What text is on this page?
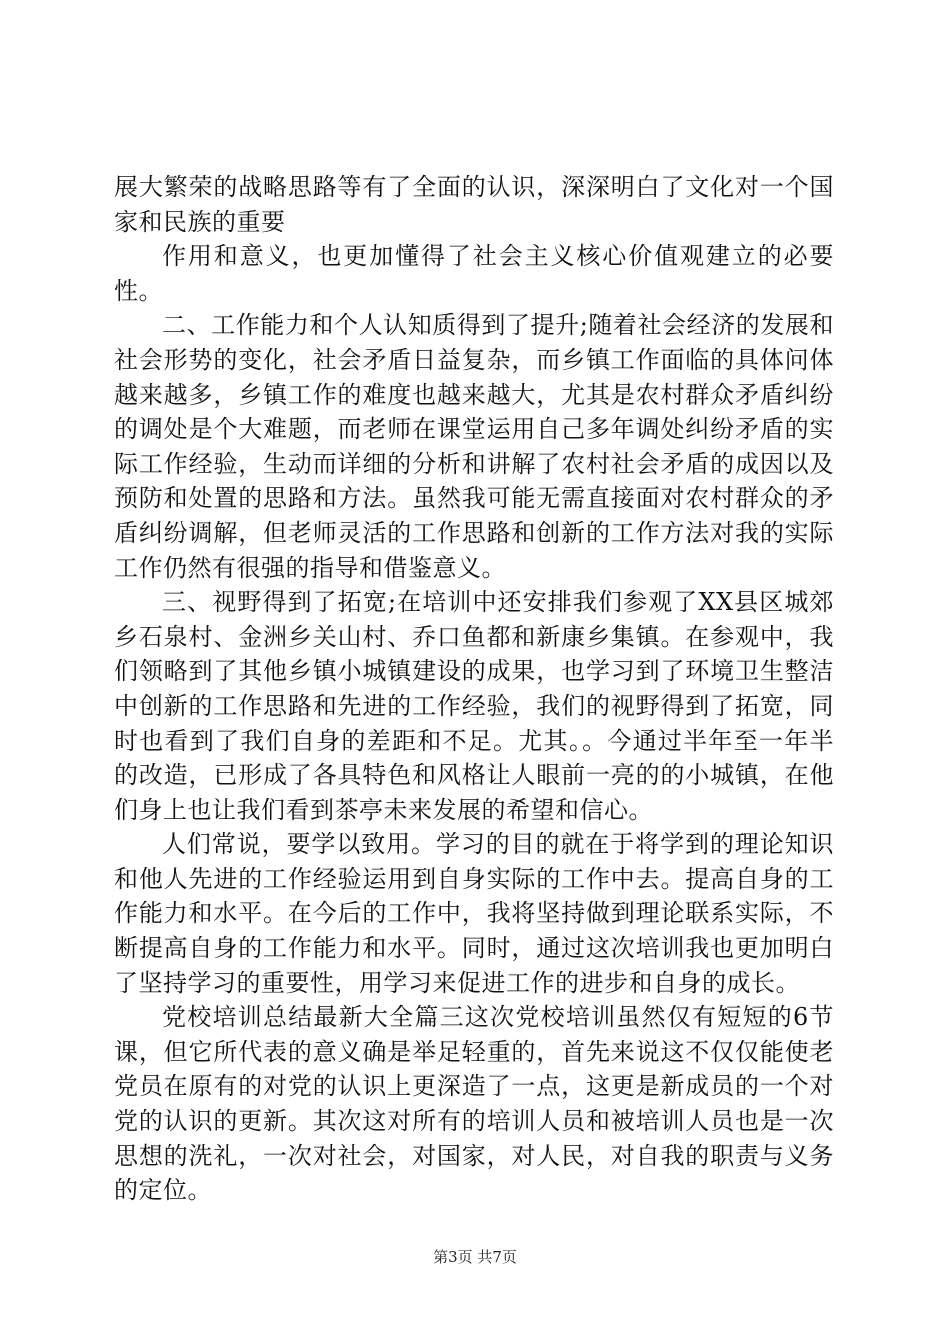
展大繁荣的战略思路等有了全面的认识，深深明白了文化对一个国家和民族的重要

作用和意义，也更加懂得了社会主义核心价值观建立的必要性。

二、工作能力和个人认知质得到了提升;随着社会经济的发展和社会形势的变化，社会矛盾日益复杂，而乡镇工作面临的具体问体越来越多，乡镇工作的难度也越来越大，尤其是农村群众矛盾纠纷的调处是个大难题，而老师在课堂运用自己多年调处纠纷矛盾的实际工作经验，生动而详细的分析和讲解了农村社会矛盾的成因以及预防和处置的思路和方法。虽然我可能无需直接面对农村群众的矛盾纠纷调解，但老师灵活的工作思路和创新的工作方法对我的实际工作仍然有很强的指导和借鉴意义。

三、视野得到了拓宽;在培训中还安排我们参观了XX县区城郊乡石泉村、金洲乡关山村、乔口鱼都和新康乡集镇。在参观中，我们领略到了其他乡镇小城镇建设的成果，也学习到了环境卫生整洁中创新的工作思路和先进的工作经验，我们的视野得到了拓宽，同时也看到了我们自身的差距和不足。尤其。。今通过半年至一年半的改造，已形成了各具特色和风格让人眼前一亮的的小城镇，在他们身上也让我们看到茶亭未来发展的希望和信心。

人们常说，要学以致用。学习的目的就在于将学到的理论知识和他人先进的工作经验运用到自身实际的工作中去。提高自身的工作能力和水平。在今后的工作中，我将坚持做到理论联系实际，不断提高自身的工作能力和水平。同时，通过这次培训我也更加明白了坚持学习的重要性，用学习来促进工作的进步和自身的成长。

党校培训总结最新大全篇三这次党校培训虽然仅有短短的6节课，但它所代表的意义确是举足轻重的，首先来说这不仅仅能使老党员在原有的对党的认识上更深造了一点，这更是新成员的一个对党的认识的更新。其次这对所有的培训人员和被培训人员也是一次思想的洗礼，一次对社会，对国家，对人民，对自我的职责与义务的定位。

第3页 共7页
